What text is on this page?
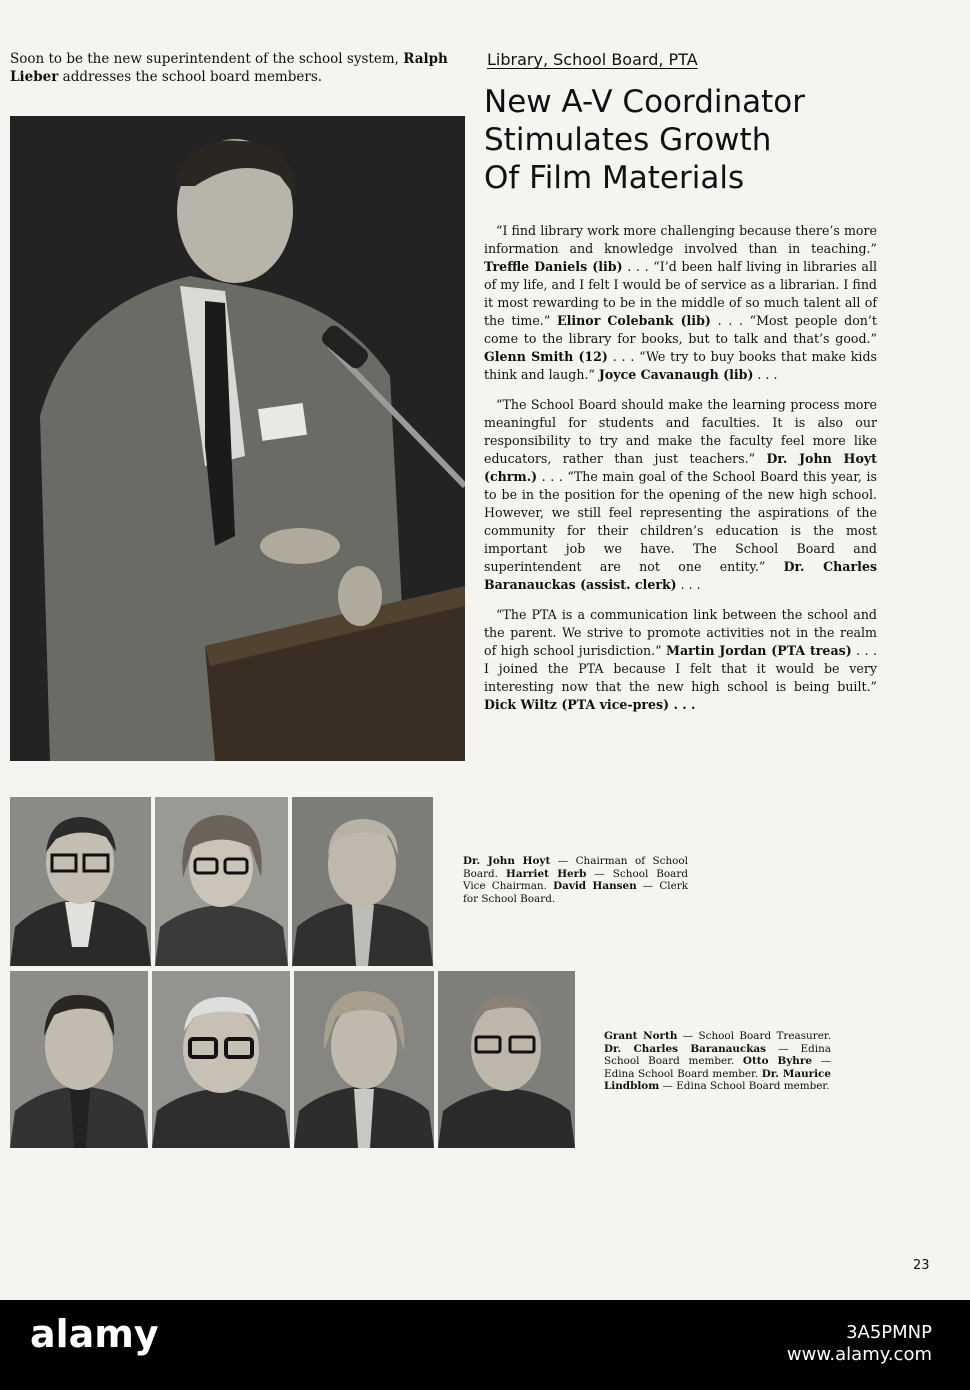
Soon to be the new superintendent of the school system, Ralph Lieber addresses the school board members.
Library, School Board, PTA
New A-V Coordinator
Stimulates Growth
Of Film Materials

“I find library work more challenging because there’s more information and knowledge involved than in teaching.” Treffle Daniels (lib) . . . “I’d been half living in libraries all of my life, and I felt I would be of service as a librarian. I find it most rewarding to be in the middle of so much talent all of the time.” Elinor Colebank (lib) . . . “Most people don’t come to the library for books, but to talk and that’s good.” Glenn Smith (12) . . . “We try to buy books that make kids think and laugh.” Joyce Cavanaugh (lib) . . .

“The School Board should make the learning process more meaningful for students and faculties. It is also our responsibility to try and make the faculty feel more like educators, rather than just teachers.” Dr. John Hoyt (chrm.) . . . “The main goal of the School Board this year, is to be in the position for the opening of the new high school. However, we still feel representing the aspirations of the community for their children’s education is the most important job we have. The School Board and superintendent are not one entity.” Dr. Charles Baranauckas (assist. clerk) . . .

“The PTA is a communication link between the school and the parent. We strive to promote activities not in the realm of high school jurisdiction.” Martin Jordan (PTA treas) . . . I joined the PTA because I felt that it would be very interesting now that the new high school is being built.” Dick Wiltz (PTA vice-pres) . . .

Dr. John Hoyt — Chairman of School Board. Harriet Herb — School Board Vice Chairman. David Hansen — Clerk for School Board.
Grant North — School Board Treasurer. Dr. Charles Baranauckas — Edina School Board member. Otto Byhre — Edina School Board member. Dr. Maurice Lindblom — Edina School Board member.
23
alamy	3A5PMNP
www.alamy.com
